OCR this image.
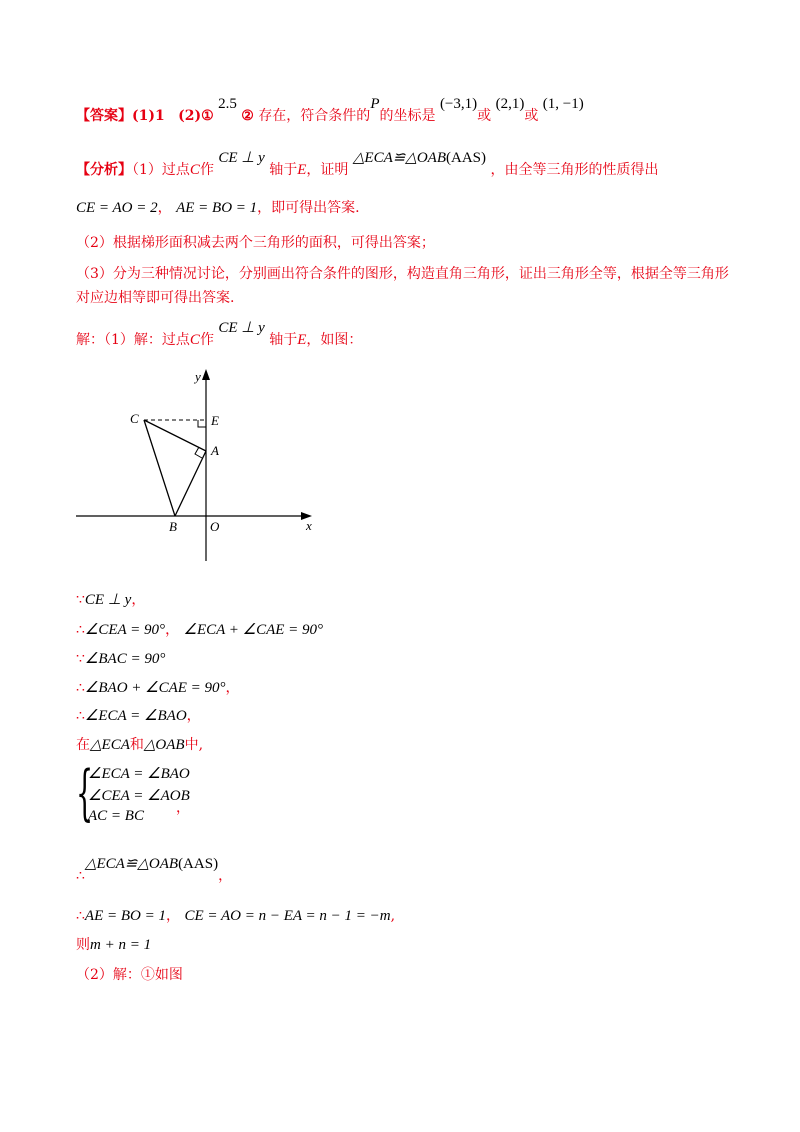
【答案】(1)1 (2)① 2.5 ② 存在，符合条件的P的坐标是 (−3,1)或 (2,1)或 (1, −1)
【分析】（1）过点C作 CE ⊥ y 轴于E，证明 △ECA≌△OAB(AAS) ，由全等三角形的性质得出
CE = AO = 2， AE = BO = 1，即可得出答案.
（2）根据梯形面积减去两个三角形的面积，可得出答案；
（3）分为三种情况讨论，分别画出符合条件的图形，构造直角三角形，证出三角形全等，根据全等三角形对应边相等即可得出答案.
解：（1）解：过点C作 CE ⊥ y 轴于E，如图：
y
x
C	E
A
B	O
∵CE ⊥ y，
∴∠CEA = 90°， ∠ECA + ∠CAE = 90°
∵∠BAC = 90°
∴∠BAO + ∠CAE = 90°，
∴∠ECA = ∠BAO，
在△ECA和△OAB中,
{
∠ECA = ∠BAO
∠CEA = ∠AOB
AC = BC ，
∴△ECA≌△OAB(AAS)，
∴AE = BO = 1， CE = AO = n − EA = n − 1 = −m,
则m + n = 1
（2）解：①如图
